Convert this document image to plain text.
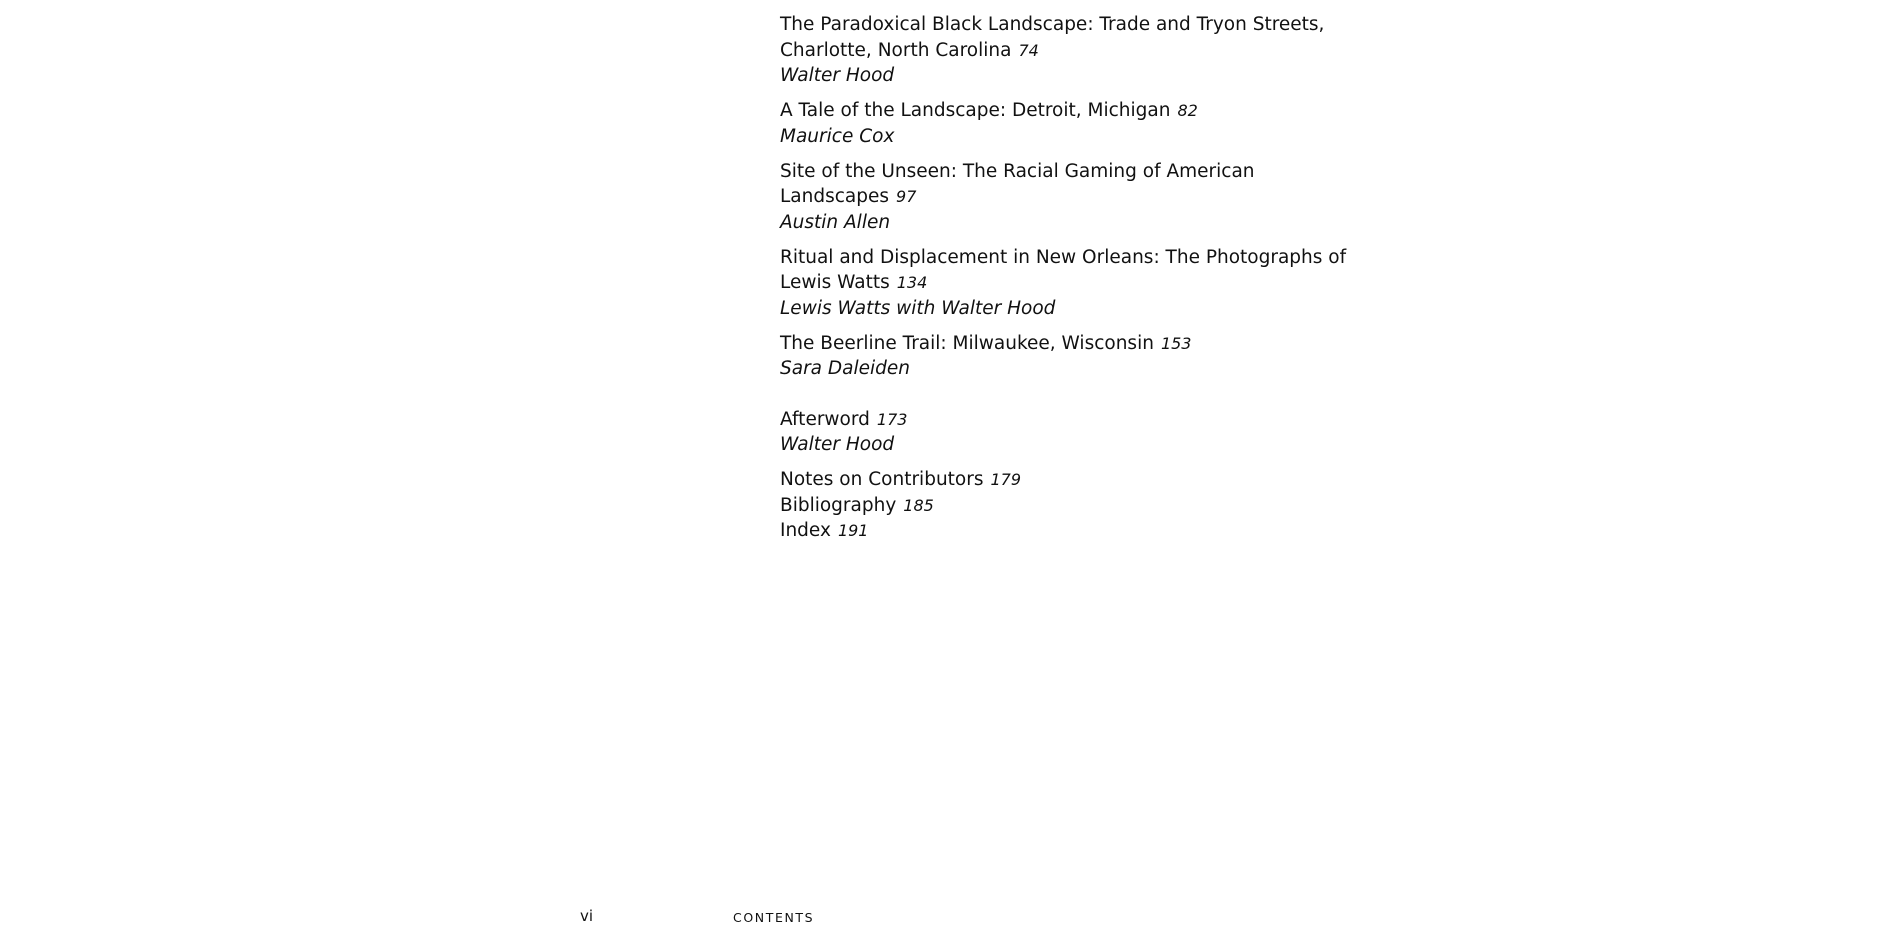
The Paradoxical Black Landscape: Trade and Tryon Streets,
Charlotte, North Carolina 74
Walter Hood
A Tale of the Landscape: Detroit, Michigan 82
Maurice Cox
Site of the Unseen: The Racial Gaming of American Landscapes 97
Austin Allen
Ritual and Displacement in New Orleans: The Photographs of
Lewis Watts 134
Lewis Watts with Walter Hood
The Beerline Trail: Milwaukee, Wisconsin 153
Sara Daleiden
Afterword 173
Walter Hood
Notes on Contributors 179
Bibliography 185
Index 191
vi	CONTENTS
